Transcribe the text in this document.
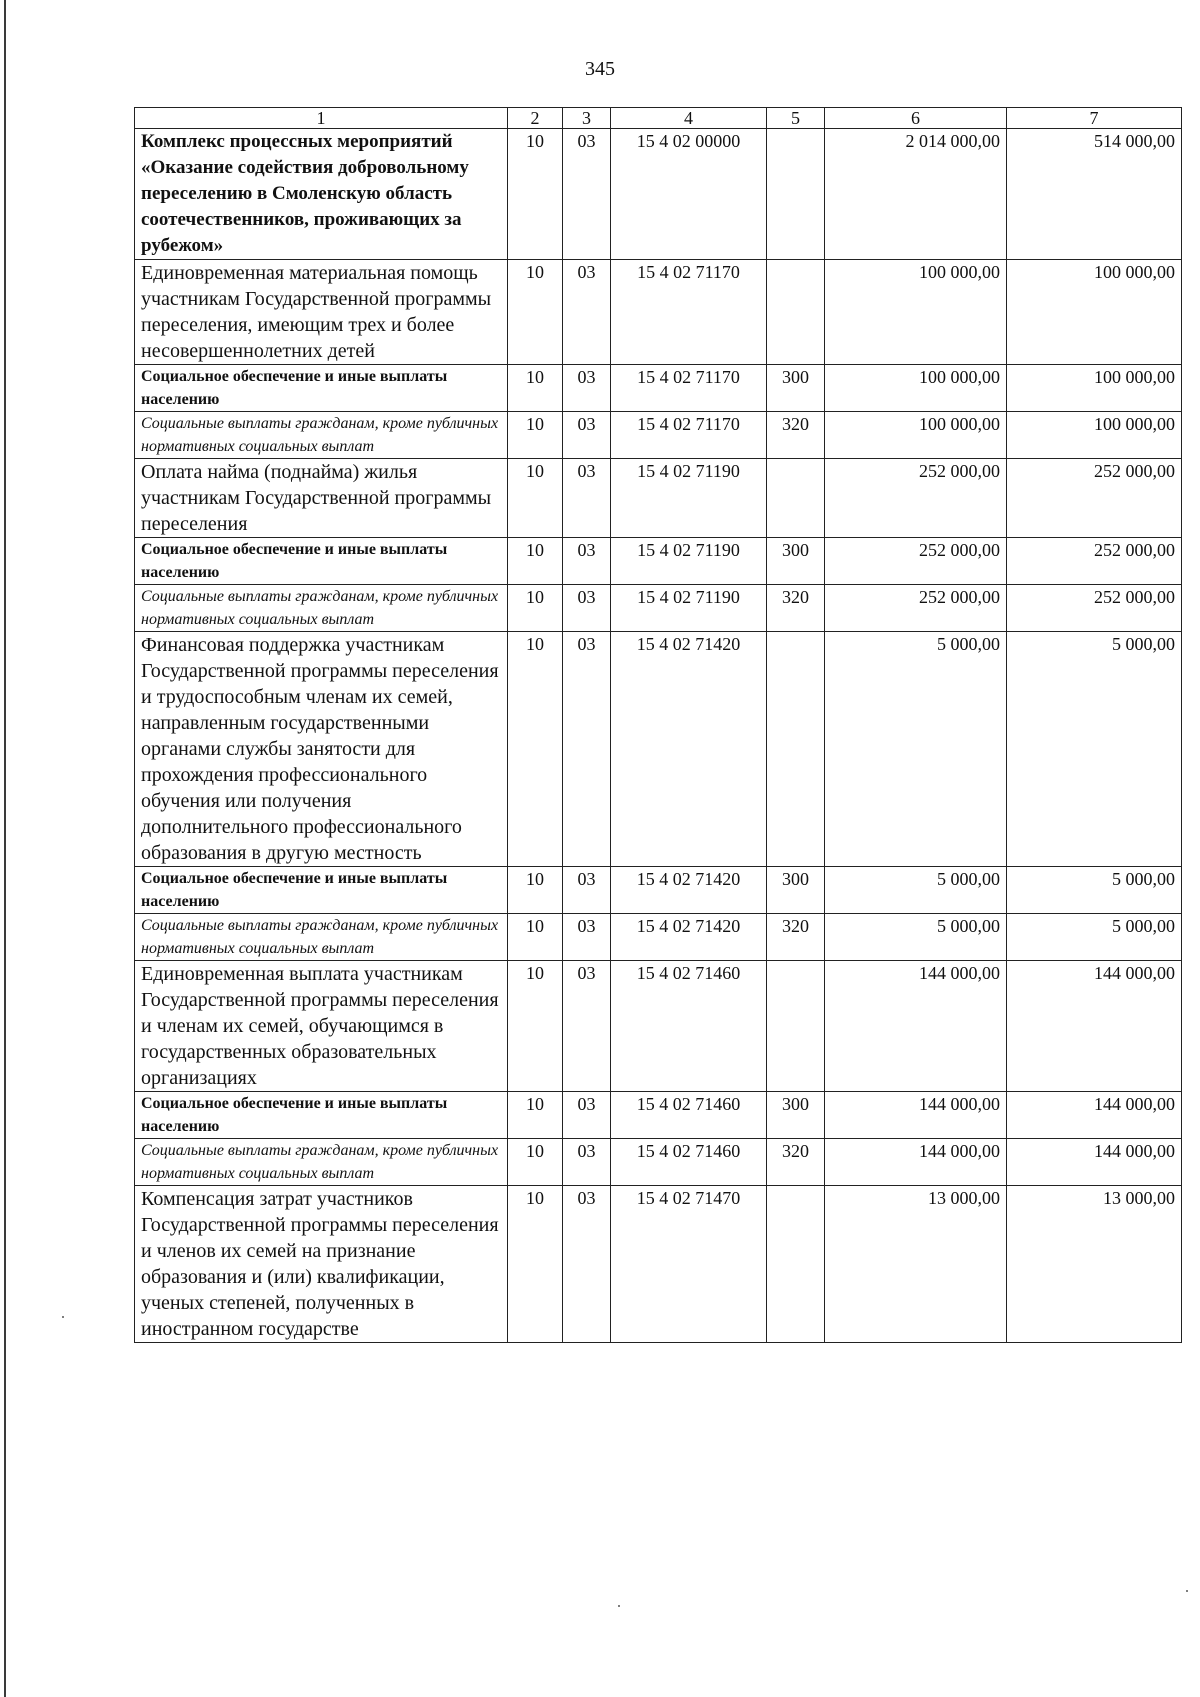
345
1	2	3	4	5	6	7
Комплекс процессных мероприятий «Оказание содействия добровольному переселению в Смоленскую область соотечественников, проживающих за рубежом»	10	03	15 4 02 00000		2 014 000,00	514 000,00
Единовременная материальная помощь участникам Государственной программы переселения, имеющим трех и более несовершеннолетних детей	10	03	15 4 02 71170		100 000,00	100 000,00
Социальное обеспечение и иные выплаты населению	10	03	15 4 02 71170	300	100 000,00	100 000,00
Социальные выплаты гражданам, кроме публичных нормативных социальных выплат	10	03	15 4 02 71170	320	100 000,00	100 000,00
Оплата найма (поднайма) жилья участникам Государственной программы переселения	10	03	15 4 02 71190		252 000,00	252 000,00
Социальное обеспечение и иные выплаты населению	10	03	15 4 02 71190	300	252 000,00	252 000,00
Социальные выплаты гражданам, кроме публичных нормативных социальных выплат	10	03	15 4 02 71190	320	252 000,00	252 000,00
Финансовая поддержка участникам Государственной программы переселения и трудоспособным членам их семей, направленным государственными органами службы занятости для прохождения профессионального обучения или получения дополнительного профессионального образования в другую местность	10	03	15 4 02 71420		5 000,00	5 000,00
Социальное обеспечение и иные выплаты населению	10	03	15 4 02 71420	300	5 000,00	5 000,00
Социальные выплаты гражданам, кроме публичных нормативных социальных выплат	10	03	15 4 02 71420	320	5 000,00	5 000,00
Единовременная выплата участникам Государственной программы переселения и членам их семей, обучающимся в государственных образовательных организациях	10	03	15 4 02 71460		144 000,00	144 000,00
Социальное обеспечение и иные выплаты населению	10	03	15 4 02 71460	300	144 000,00	144 000,00
Социальные выплаты гражданам, кроме публичных нормативных социальных выплат	10	03	15 4 02 71460	320	144 000,00	144 000,00
Компенсация затрат участников Государственной программы переселения и членов их семей на признание образования и (или) квалификации, ученых степеней, полученных в иностранном государстве	10	03	15 4 02 71470		13 000,00	13 000,00
